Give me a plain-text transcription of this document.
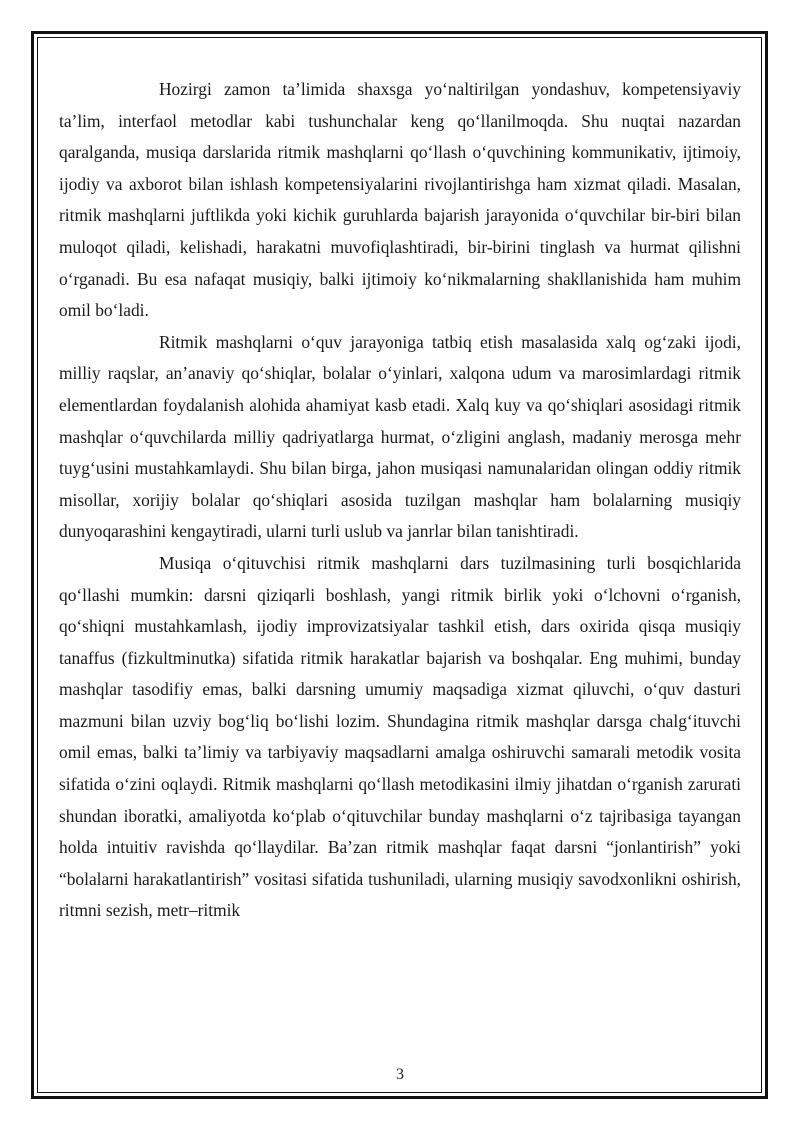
Hozirgi zamon ta’limida shaxsga yo‘naltirilgan yondashuv, kompetensiyaviy ta’lim, interfaol metodlar kabi tushunchalar keng qo‘llanilmoqda. Shu nuqtai nazardan qaralganda, musiqa darslarida ritmik mashqlarni qo‘llash o‘quvchining kommunikativ, ijtimoiy, ijodiy va axborot bilan ishlash kompetensiyalarini rivojlantirishga ham xizmat qiladi. Masalan, ritmik mashqlarni juftlikda yoki kichik guruhlarda bajarish jarayonida o‘quvchilar bir-biri bilan muloqot qiladi, kelishadi, harakatni muvofiqlashtiradi, bir-birini tinglash va hurmat qilishni o‘rganadi. Bu esa nafaqat musiqiy, balki ijtimoiy ko‘nikmalarning shakllanishida ham muhim omil bo‘ladi.

Ritmik mashqlarni o‘quv jarayoniga tatbiq etish masalasida xalq og‘zaki ijodi, milliy raqslar, an’anaviy qo‘shiqlar, bolalar o‘yinlari, xalqona udum va marosimlardagi ritmik elementlardan foydalanish alohida ahamiyat kasb etadi. Xalq kuy va qo‘shiqlari asosidagi ritmik mashqlar o‘quvchilarda milliy qadriyatlarga hurmat, o‘zligini anglash, madaniy merosga mehr tuyg‘usini mustahkamlaydi. Shu bilan birga, jahon musiqasi namunalaridan olingan oddiy ritmik misollar, xorijiy bolalar qo‘shiqlari asosida tuzilgan mashqlar ham bolalarning musiqiy dunyoqarashini kengaytiradi, ularni turli uslub va janrlar bilan tanishtiradi.

Musiqa o‘qituvchisi ritmik mashqlarni dars tuzilmasining turli bosqichlarida qo‘llashi mumkin: darsni qiziqarli boshlash, yangi ritmik birlik yoki o‘lchovni o‘rganish, qo‘shiqni mustahkamlash, ijodiy improvizatsiyalar tashkil etish, dars oxirida qisqa musiqiy tanaffus (fizkultminutka) sifatida ritmik harakatlar bajarish va boshqalar. Eng muhimi, bunday mashqlar tasodifiy emas, balki darsning umumiy maqsadiga xizmat qiluvchi, o‘quv dasturi mazmuni bilan uzviy bog‘liq bo‘lishi lozim. Shundagina ritmik mashqlar darsga chalg‘ituvchi omil emas, balki ta’limiy va tarbiyaviy maqsadlarni amalga oshiruvchi samarali metodik vosita sifatida o‘zini oqlaydi. Ritmik mashqlarni qo‘llash metodikasini ilmiy jihatdan o‘rganish zarurati shundan iboratki, amaliyotda ko‘plab o‘qituvchilar bunday mashqlarni o‘z tajribasiga tayangan holda intuitiv ravishda qo‘llaydilar. Ba’zan ritmik mashqlar faqat darsni “jonlantirish” yoki “bolalarni harakatlantirish” vositasi sifatida tushuniladi, ularning musiqiy savodxonlikni oshirish, ritmni sezish, metr–ritmik

3
